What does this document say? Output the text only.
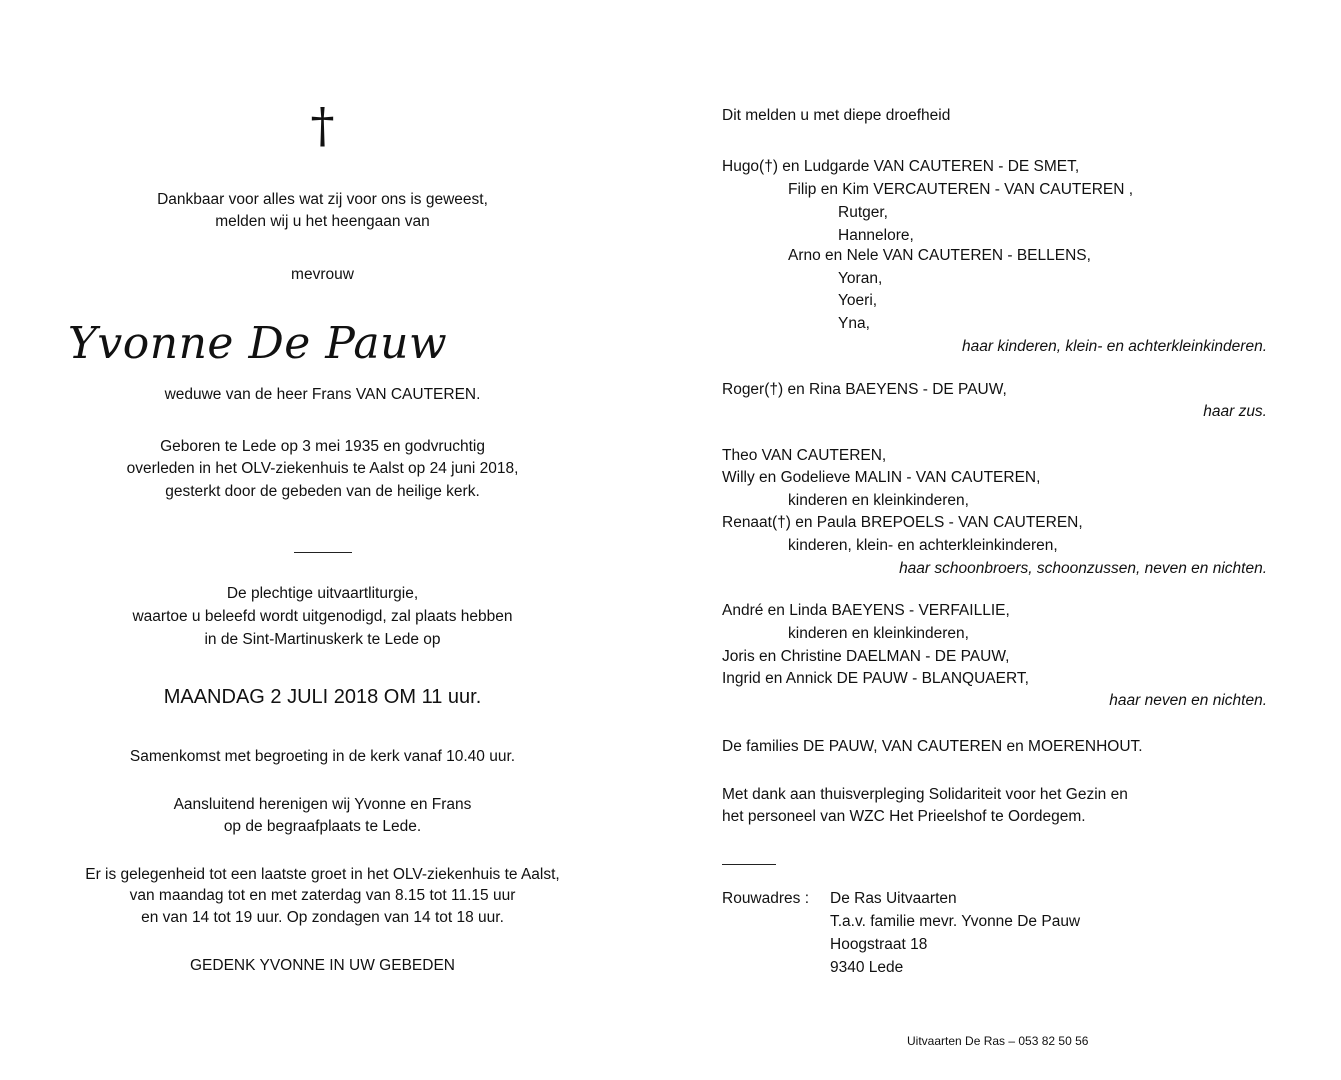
†
Dankbaar voor alles wat zij voor ons is geweest,
melden wij u het heengaan van
mevrouw
Yvonne De Pauw
weduwe van de heer Frans VAN CAUTEREN.
Geboren te Lede op 3 mei 1935 en godvruchtig
overleden in het OLV-ziekenhuis te Aalst op 24 juni 2018,
gesterkt door de gebeden van de heilige kerk.
De plechtige uitvaartliturgie,
waartoe u beleefd wordt uitgenodigd, zal plaats hebben
in de Sint-Martinuskerk te Lede op
MAANDAG 2 JULI 2018 OM 11 uur.
Samenkomst met begroeting in de kerk vanaf 10.40 uur.
Aansluitend herenigen wij Yvonne en Frans
op de begraafplaats te Lede.
Er is gelegenheid tot een laatste groet in het OLV-ziekenhuis te Aalst,
van maandag tot en met zaterdag van 8.15 tot 11.15 uur
en van 14 tot 19 uur. Op zondagen van 14 tot 18 uur.
GEDENK YVONNE IN UW GEBEDEN
Dit melden u met diepe droefheid
Hugo(†) en Ludgarde VAN CAUTEREN - DE SMET,
Filip en Kim VERCAUTEREN - VAN CAUTEREN ,
Rutger,
Hannelore,
Arno en Nele VAN CAUTEREN - BELLENS,
Yoran,
Yoeri,
Yna,
haar kinderen, klein- en achterkleinkinderen.
Roger(†) en Rina BAEYENS - DE PAUW,
haar zus.
Theo VAN CAUTEREN,
Willy en Godelieve MALIN - VAN CAUTEREN,
kinderen en kleinkinderen,
Renaat(†) en Paula BREPOELS - VAN CAUTEREN,
kinderen, klein- en achterkleinkinderen,
haar schoonbroers, schoonzussen, neven en nichten.
André en Linda BAEYENS - VERFAILLIE,
kinderen en kleinkinderen,
Joris en Christine DAELMAN - DE PAUW,
Ingrid en Annick DE PAUW - BLANQUAERT,
haar neven en nichten.
De families DE PAUW, VAN CAUTEREN en MOERENHOUT.
Met dank aan thuisverpleging Solidariteit voor het Gezin en
het personeel van WZC Het Prieelshof te Oordegem.
Rouwadres : De Ras Uitvaarten
T.a.v. familie mevr. Yvonne De Pauw
Hoogstraat 18
9340 Lede
Uitvaarten De Ras – 053 82 50 56
